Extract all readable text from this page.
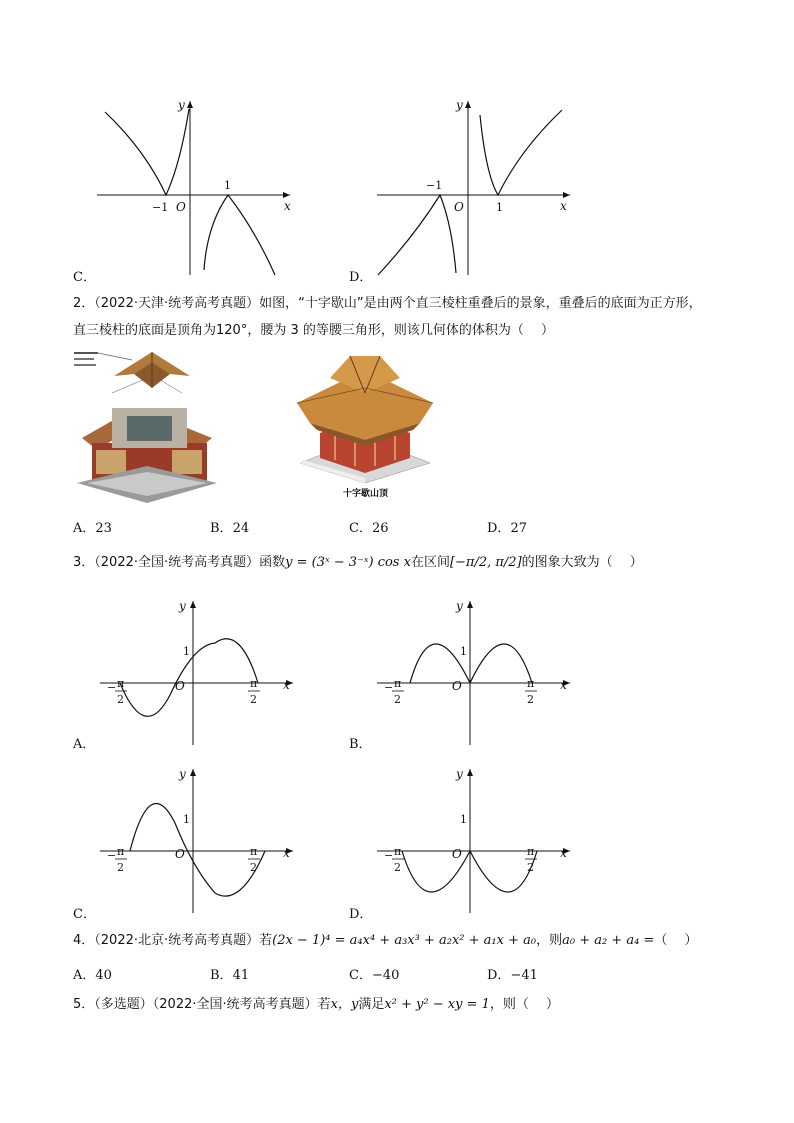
y
x
O
−1
1
C．
y
x
O
−1
1
D．
2．（2022·天津·统考高考真题）如图，“十字歇山”是由两个直三棱柱重叠后的景象，重叠后的底面为正方形，
直三棱柱的底面是顶角为120°，腰为 3 的等腰三角形，则该几何体的体积为（　 ）
十字歇山顶
A．23	B．24	C．26	D．27
3．（2022·全国·统考高考真题）函数y = (3ˣ − 3⁻ˣ) cos x在区间[−π/2, π/2]的图象大致为（　 ）
y
x
O
1
− π
2
π
2
A．
y
x
O
1
− π
2
π
2
B．
y
x
O
1
− π
2
π
2
C．
y
x
O
1
− π
2
π
2
D．
4．（2022·北京·统考高考真题）若(2x − 1)⁴ = a₄x⁴ + a₃x³ + a₂x² + a₁x + a₀，则a₀ + a₂ + a₄ =（　 ）
A．40	B．41	C．−40	D．−41
5．（多选题）（2022·全国·统考高考真题）若x，y满足x² + y² − xy = 1，则（　 ）
